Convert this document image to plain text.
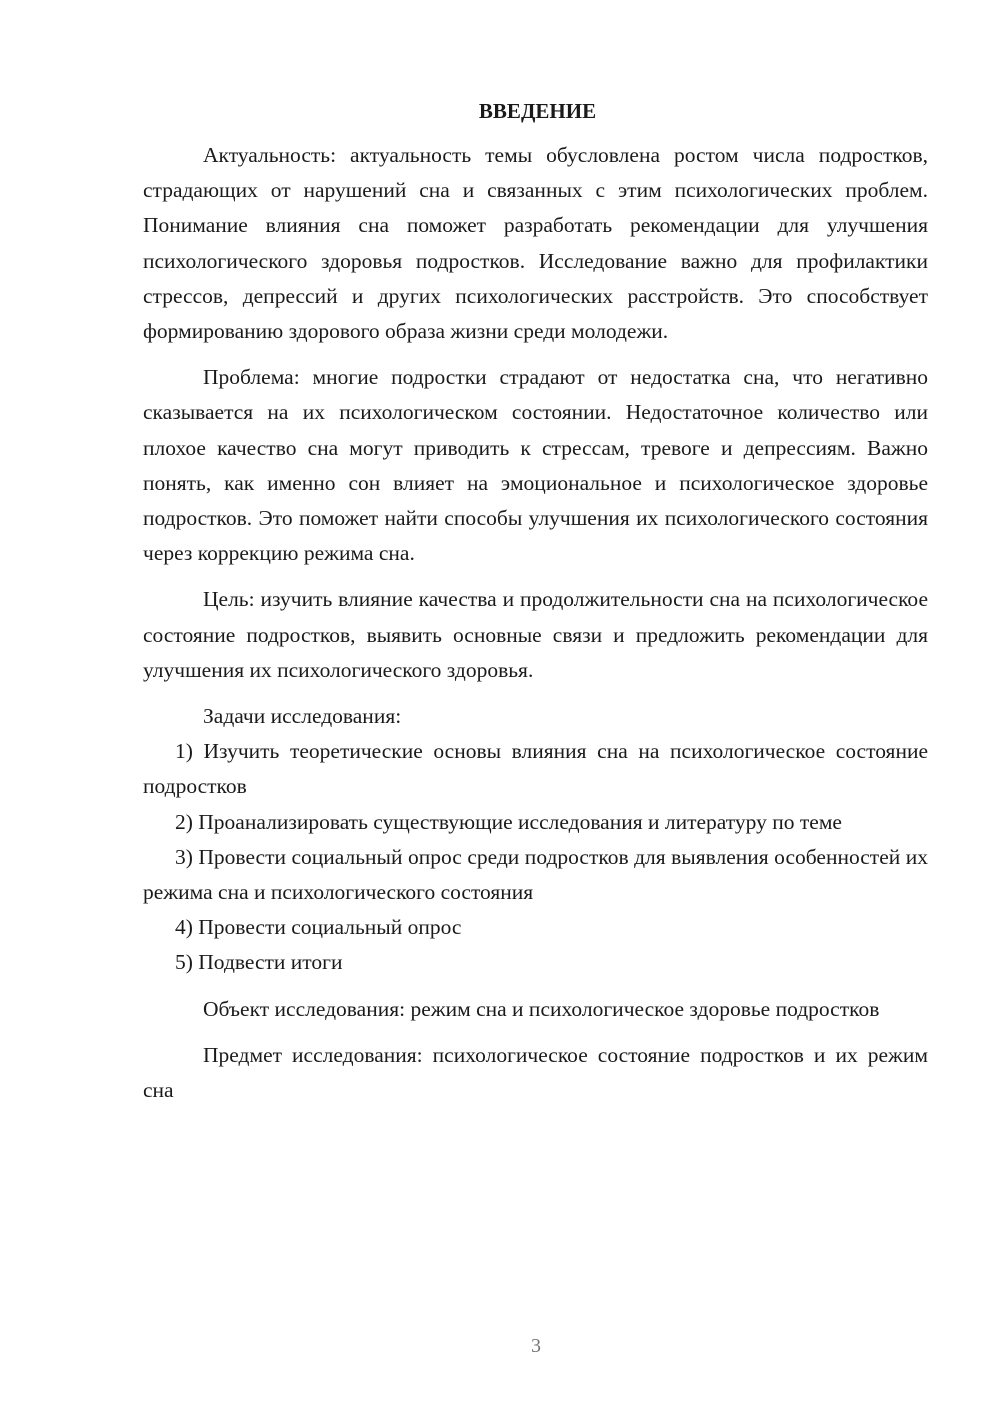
ВВЕДЕНИЕ

Актуальность: актуальность темы обусловлена ростом числа подростков, страдающих от нарушений сна и связанных с этим психологических проблем. Понимание влияния сна поможет разработать рекомендации для улучшения психологического здоровья подростков. Исследование важно для профилактики стрессов, депрессий и других психологических расстройств. Это способствует формированию здорового образа жизни среди молодежи.

Проблема: многие подростки страдают от недостатка сна, что негативно сказывается на их психологическом состоянии. Недостаточное количество или плохое качество сна могут приводить к стрессам, тревоге и депрессиям. Важно понять, как именно сон влияет на эмоциональное и психологическое здоровье подростков. Это поможет найти способы улучшения их психологического состояния через коррекцию режима сна.

Цель: изучить влияние качества и продолжительности сна на психологическое состояние подростков, выявить основные связи и предложить рекомендации для улучшения их психологического здоровья.

Задачи исследования:

1) Изучить теоретические основы влияния сна на психологическое состояние подростков

2) Проанализировать существующие исследования и литературу по теме

3) Провести социальный опрос среди подростков для выявления особенностей их режима сна и психологического состояния

4) Провести социальный опрос

5) Подвести итоги

Объект исследования: режим сна и психологическое здоровье подростков

Предмет исследования: психологическое состояние подростков и их режим сна

3
